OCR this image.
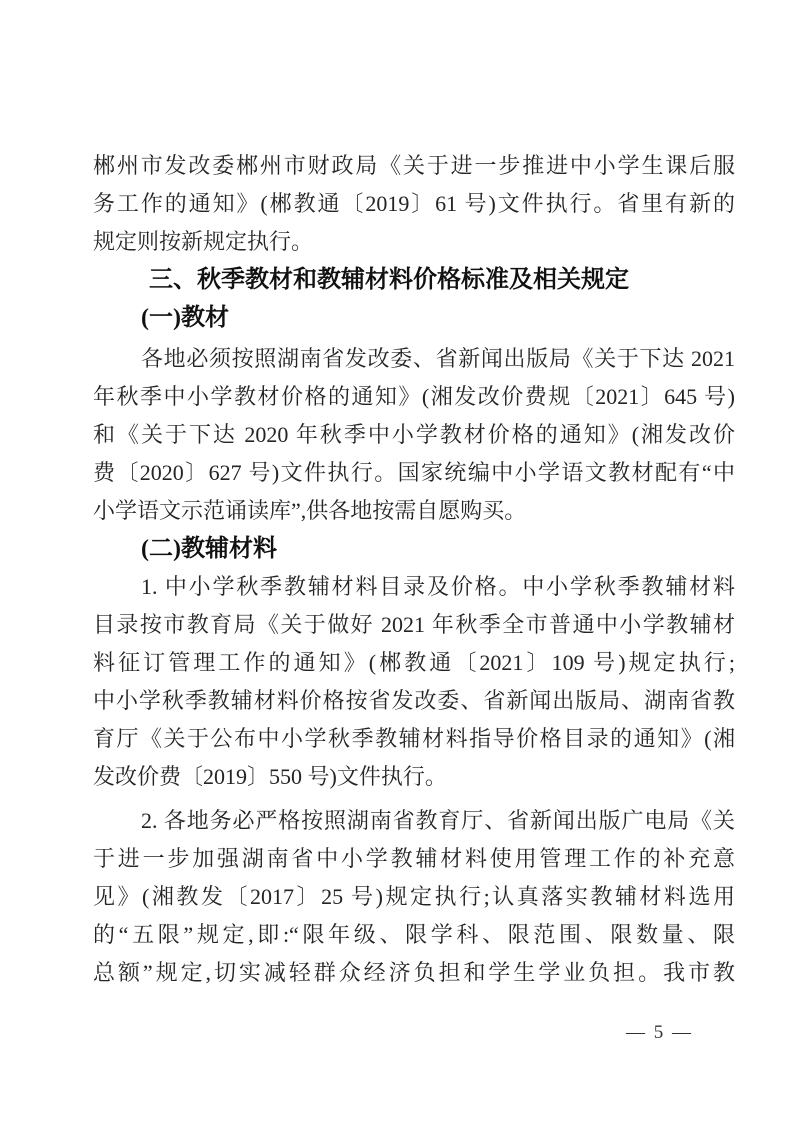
郴州市发改委郴州市财政局《关于进一步推进中小学生课后服
务工作的通知》(郴教通〔2019〕61 号)文件执行。省里有新的
规定则按新规定执行。
三、秋季教材和教辅材料价格标准及相关规定
(一)教材
各地必须按照湖南省发改委、省新闻出版局《关于下达 2021
年秋季中小学教材价格的通知》(湘发改价费规〔2021〕645 号)
和《关于下达 2020 年秋季中小学教材价格的通知》(湘发改价
费〔2020〕627 号)文件执行。国家统编中小学语文教材配有“中
小学语文示范诵读库”,供各地按需自愿购买。
(二)教辅材料
1. 中小学秋季教辅材料目录及价格。中小学秋季教辅材料
目录按市教育局《关于做好 2021 年秋季全市普通中小学教辅材
料征订管理工作的通知》(郴教通〔2021〕109 号)规定执行;
中小学秋季教辅材料价格按省发改委、省新闻出版局、湖南省教
育厅《关于公布中小学秋季教辅材料指导价格目录的通知》(湘
发改价费〔2019〕550 号)文件执行。
2. 各地务必严格按照湖南省教育厅、省新闻出版广电局《关
于进一步加强湖南省中小学教辅材料使用管理工作的补充意
见》(湘教发〔2017〕25 号)规定执行;认真落实教辅材料选用
的“五限”规定,即:“限年级、限学科、限范围、限数量、限
总额”规定,切实减轻群众经济负担和学生学业负担。我市教
— 5 —
